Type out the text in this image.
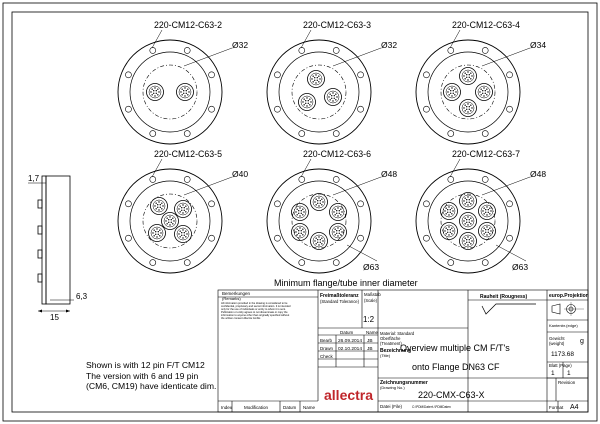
220-CM12-C63-2
Ø32
220-CM12-C63-3
Ø32
220-CM12-C63-4
Ø34
220-CM12-C63-5
Ø40
220-CM12-C63-6
Ø48
Ø63
220-CM12-C63-7
Ø48
Ø63
Minimum flange/tube inner diameter
1,7
6,3
15
allectra
Bemerkungen
(Remarks)
All information provided in the drawing is considered to be
confidential, proprietary and secret information. It is intended
only for the use of individuals or entity to whom it is sent.
Publication or entity agrees to not disseminate or copy the
information to anyone other than originally specified without
the written consent Allectra GmbH.
Freimaßtoleranz
(Standard Tolerance)
Maßstab
(Scale)
1:2
Rauheit (Rougness)	europ.Projektion
Kantenbr.(edge)
Datum	Name
Bearb 26.09.2014 JB
Drawn 02.10.2014 JB
Check
Material: Standard
Oberfläche
(Treatment)
Bezeichnung
(Title)
Overview multiple CM F/T's
onto Flange DN63 CF
Gewicht
(weight) g
1173.68
Blatt (Page)
1 1
Zeichnungsnummer
(Drawing No.)
220-CMX-C63-X
Revision
Datei (File)	C:\PDM\Daten\ \PDMDaten	Format A4
Index	Modification	Datum Name
Shown is with 12 pin F/T CM12
The version with 6 and 19 pin
(CM6, CM19) have identicate dim.
